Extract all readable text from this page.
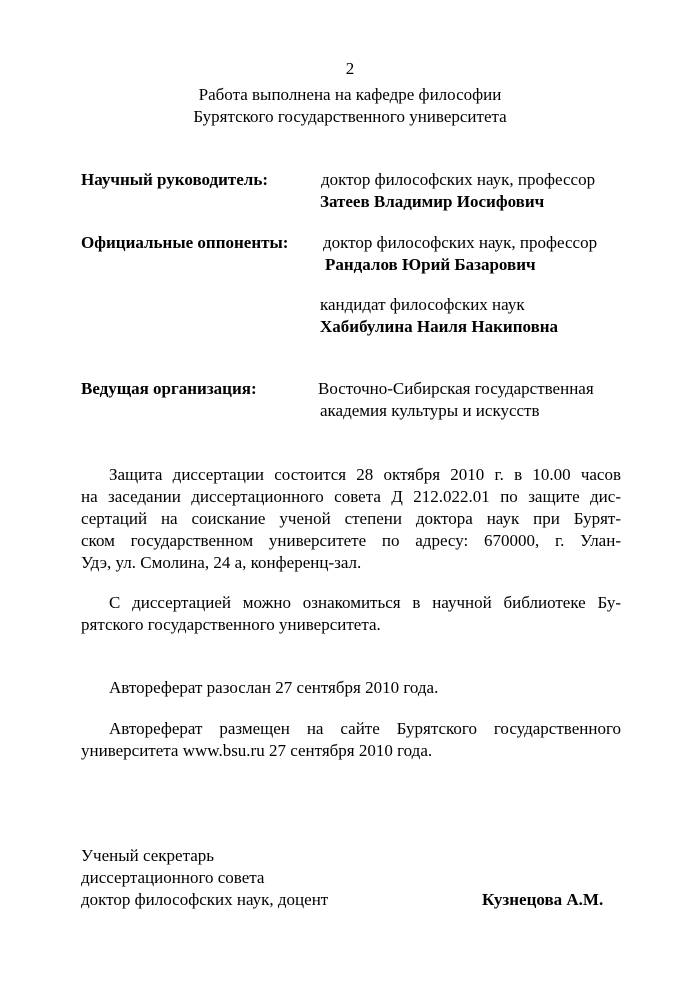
2
Работа выполнена на кафедре философии
Бурятского государственного университета
Научный руководитель:	доктор философских наук, профессор
Затеев Владимир Иосифович
Официальные оппоненты: доктор философских наук, профессор
Рандалов Юрий Базарович
кандидат философских наук
Хабибулина Наиля Накиповна
Ведущая организация:	Восточно-Сибирская государственная
академия культуры и искусств
Защита диссертации состоится 28 октября 2010 г. в 10.00 часов
на заседании диссертационного совета Д 212.022.01 по защите дис-
сертаций на соискание ученой степени доктора наук при Бурят-
ском государственном университете по адресу: 670000, г. Улан-
Удэ, ул. Смолина, 24 а, конференц-зал.
С диссертацией можно ознакомиться в научной библиотеке Бу-
рятского государственного университета.
Автореферат разослан 27 сентября 2010 года.
Автореферат размещен на сайте Бурятского государственного
университета www.bsu.ru 27 сентября 2010 года.
Ученый секретарь
диссертационного совета
доктор философских наук, доцент	Кузнецова А.М.
